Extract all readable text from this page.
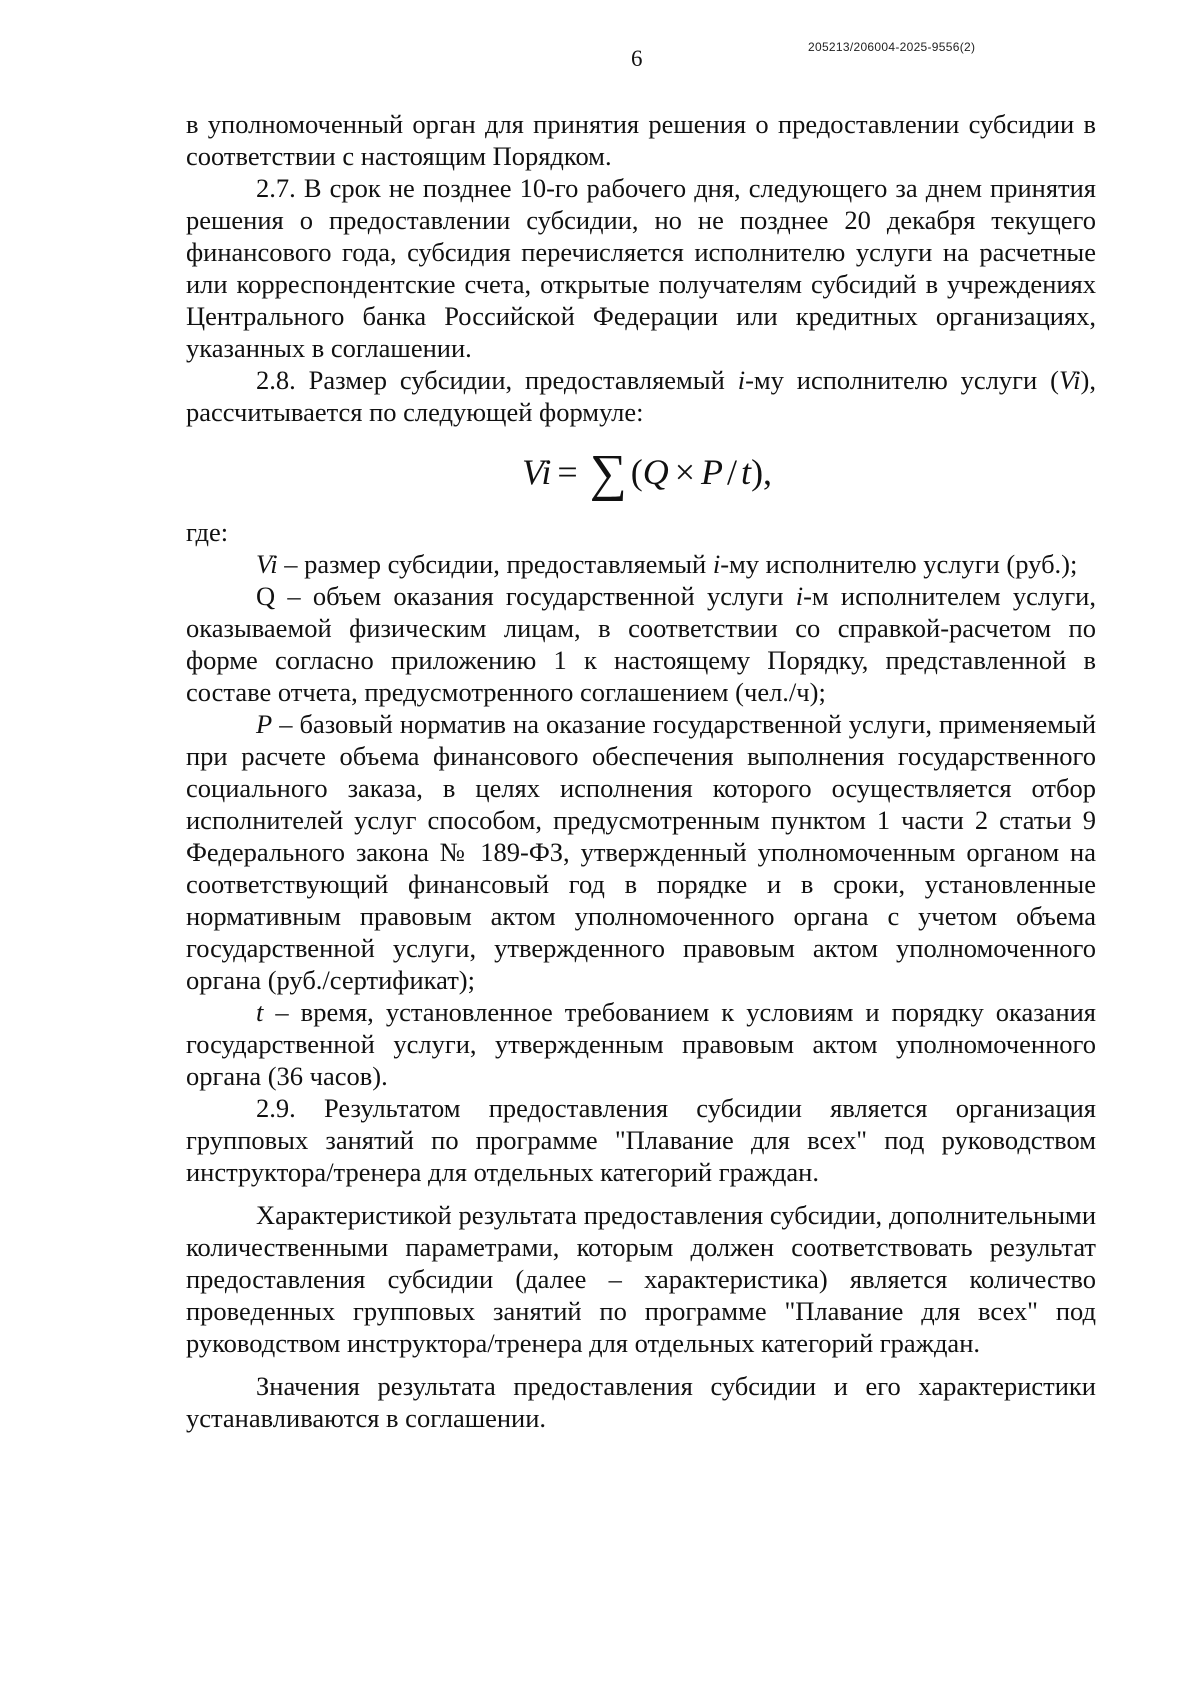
205213/206004-2025-9556(2)
6

в уполномоченный орган для принятия решения о предоставлении субсидии в соответствии с настоящим Порядком.

2.7. В срок не позднее 10-го рабочего дня, следующего за днем принятия решения о предоставлении субсидии, но не позднее 20 декабря текущего финансового года, субсидия перечисляется исполнителю услуги на расчетные или корреспондентские счета, открытые получателям субсидий в учреждениях Центрального банка Российской Федерации или кредитных организациях, указанных в соглашении.

2.8. Размер субсидии, предоставляемый i-му исполнителю услуги (Vi), рассчитывается по следующей формуле:

Vi = ∑ ( Q × P / t ),

где:

Vi – размер субсидии, предоставляемый i-му исполнителю услуги (руб.);

Q – объем оказания государственной услуги i-м исполнителем услуги, оказываемой физическим лицам, в соответствии со справкой-расчетом по форме согласно приложению 1 к настоящему Порядку, представленной в составе отчета, предусмотренного соглашением (чел./ч);

P – базовый норматив на оказание государственной услуги, применяемый при расчете объема финансового обеспечения выполнения государственного социального заказа, в целях исполнения которого осуществляется отбор исполнителей услуг способом, предусмотренным пунктом 1 части 2 статьи 9 Федерального закона № 189-ФЗ, утвержденный уполномоченным органом на соответствующий финансовый год в порядке и в сроки, установленные нормативным правовым актом уполномоченного органа с учетом объема государственной услуги, утвержденного правовым актом уполномоченного органа (руб./сертификат);

t – время, установленное требованием к условиям и порядку оказания государственной услуги, утвержденным правовым актом уполномоченного органа (36 часов).

2.9. Результатом предоставления субсидии является организация групповых занятий по программе "Плавание для всех" под руководством инструктора/тренера для отдельных категорий граждан.

Характеристикой результата предоставления субсидии, дополнительными количественными параметрами, которым должен соответствовать результат предоставления субсидии (далее – характеристика) является количество проведенных групповых занятий по программе "Плавание для всех" под руководством инструктора/тренера для отдельных категорий граждан.

Значения результата предоставления субсидии и его характеристики устанавливаются в соглашении.
